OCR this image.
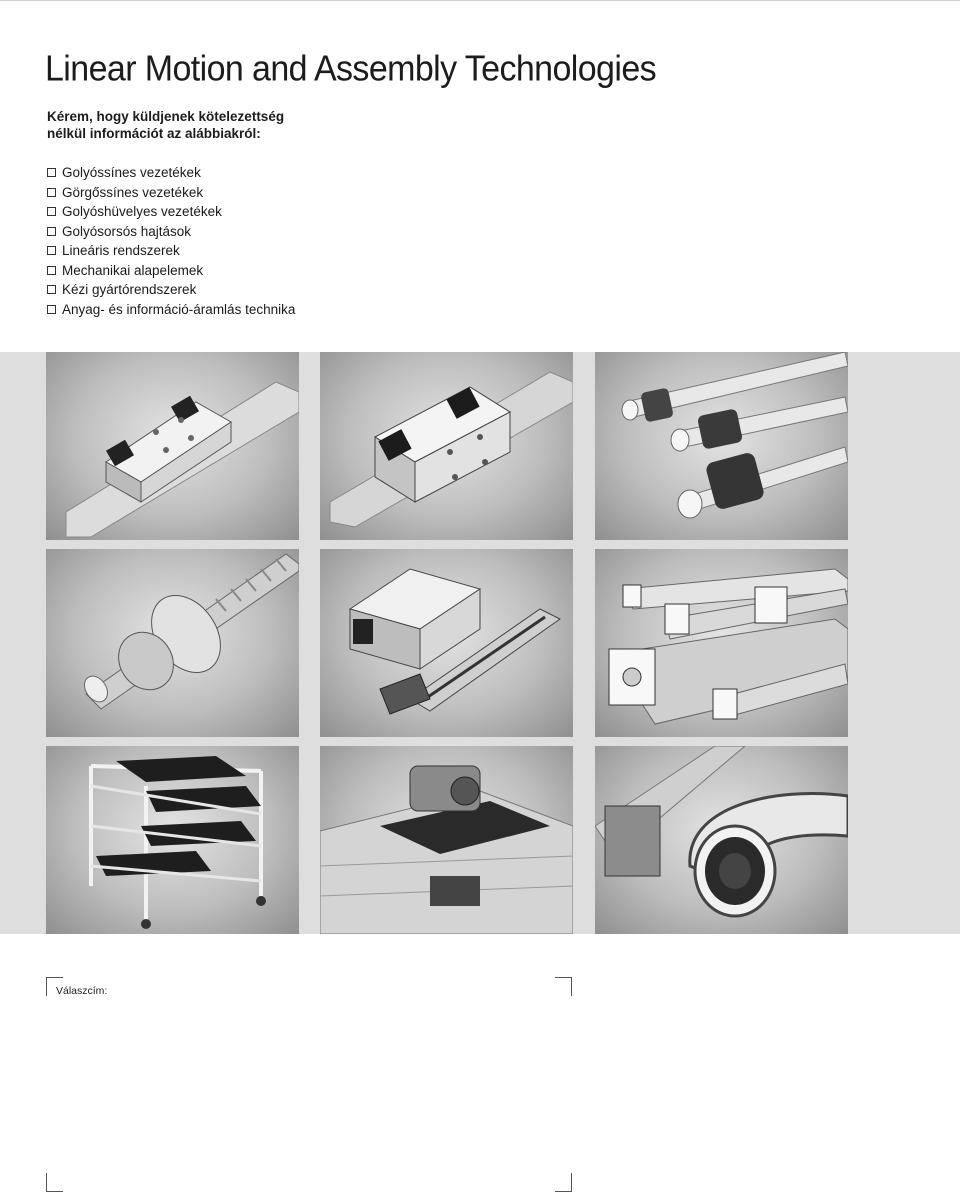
Linear Motion and Assembly Technologies

Kérem, hogy küldjenek kötelezettség
nélkül információt az alábbiakról:

Golyóssínes vezetékek
Görgőssínes vezetékek
Golyóshüvelyes vezetékek
Golyósorsós hajtások
Lineáris rendszerek
Mechanikai alapelemek
Kézi gyártórendszerek
Anyag- és információ-áramlás technika
Válaszcím:
